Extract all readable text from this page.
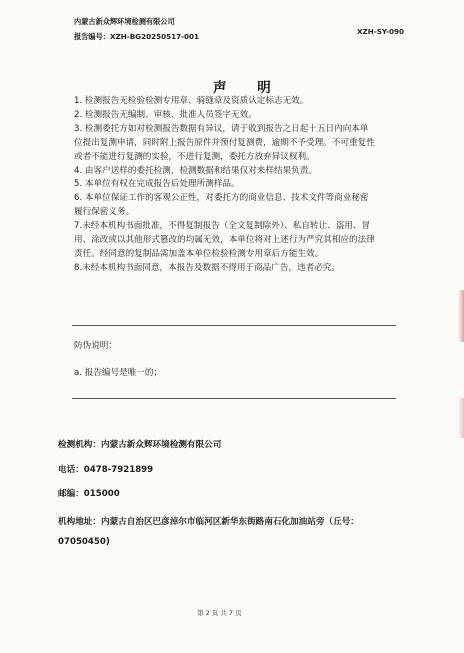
内蒙古新众辉环境检测有限公司
报告编号：XZH-BG20250517-001
XZH-SY-090
声 明
1. 检测报告无检验检测专用章、骑缝章及资质认定标志无效。
2. 检测报告无编制、审核、批准人员签字无效。
3. 检测委托方如对检测报告数据有异议，请于收到报告之日起十五日内向本单
位提出复测申请，同时附上报告原件并预付复测费，逾期不予受理。不可重复性
或者不能进行复测的实验，不进行复测，委托方放弃异议权利。
4. 由客户送样的委托检测，检测数据和结果仅对来样结果负责。
5. 本单位有权在完成报告后处理所测样品。
6. 本单位保证工作的客观公正性，对委托方的商业信息、技术文件等商业秘密
履行保密义务。
7.未经本机构书面批准，不得复制报告（全文复制除外）、私自转让、盗用、冒
用、涂改或以其他形式篡改的均属无效，本单位将对上述行为严究其相应的法律
责任。经同意的复制品需加盖本单位检验检测专用章后方能生效。
8.未经本机构书面同意，本报告及数据不得用于商品广告，违者必究。
防伪说明：
a. 报告编号是唯一的；
检测机构：内蒙古新众辉环境检测有限公司
电话：0478-7921899
邮编：015000
机构地址：内蒙古自治区巴彦淖尔市临河区新华东街路南石化加油站旁（丘号：
07050450)
第 2 页 共 7 页
